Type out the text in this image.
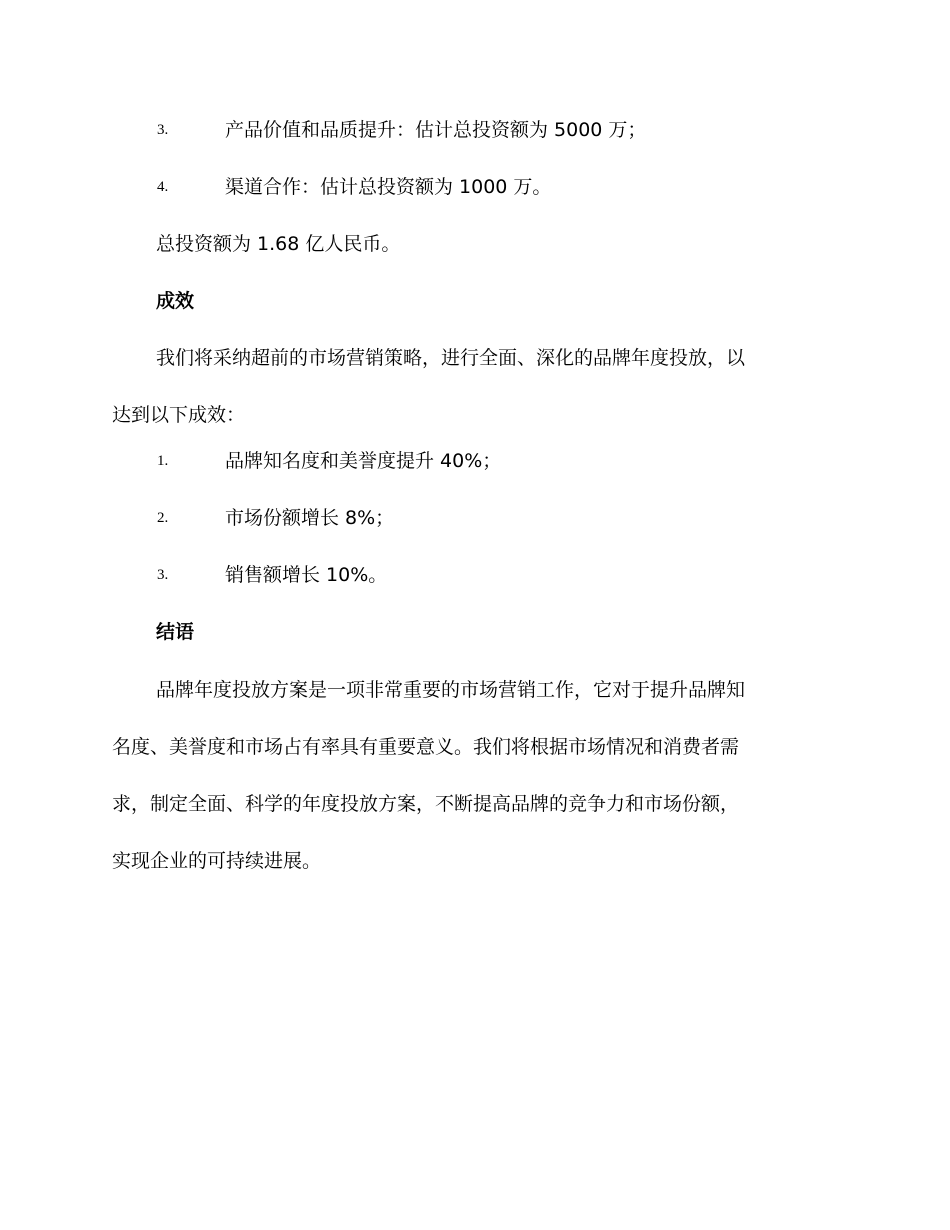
3.	产品价值和品质提升：估计总投资额为 5000 万；
4.	渠道合作：估计总投资额为 1000 万。
总投资额为 1.68 亿人民币。
成效
我们将采纳超前的市场营销策略，进行全面、深化的品牌年度投放，以
达到以下成效：
1.	品牌知名度和美誉度提升 40%；
2.	市场份额增长 8%；
3.	销售额增长 10%。
结语
品牌年度投放方案是一项非常重要的市场营销工作，它对于提升品牌知
名度、美誉度和市场占有率具有重要意义。我们将根据市场情况和消费者需
求，制定全面、科学的年度投放方案，不断提高品牌的竞争力和市场份额，
实现企业的可持续进展。
